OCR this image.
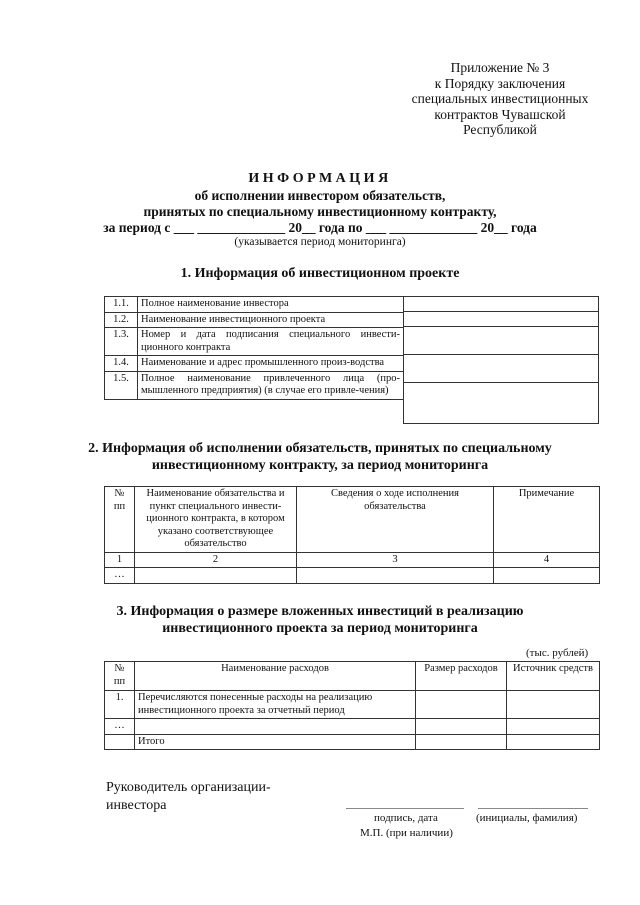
Приложение № 3
к Порядку заключения
специальных инвестиционных
контрактов Чувашской
Республикой
ИНФОРМАЦИЯ
об исполнении инвестором обязательств,
принятых по специальному инвестиционному контракту,
за период с ___ _____________ 20__ года по ___ _____________ 20__ года
(указывается период мониторинга)
1. Информация об инвестиционном проекте
1.1.	Полное наименование инвестора
1.2.	Наименование инвестиционного проекта
1.3.	Номер и дата подписания специального инвести-ционного контракта
1.4.	Наименование и адрес промышленного произ-водства
1.5.	Полное наименование привлеченного лица (про-мышленного предприятия) (в случае его привле-чения)

2. Информация об исполнении обязательств, принятых по специальному
инвестиционному контракту, за период мониторинга
№ пп	Наименование обязательства и пункт специального инвести-ционного контракта, в котором указано соответствующее обязательство	Сведения о ходе исполнения обязательства	Примечание
1	2	3	4
…			
3. Информация о размере вложенных инвестиций в реализацию
инвестиционного проекта за период мониторинга
(тыс. рублей)
№ пп	Наименование расходов	Размер расходов	Источник средств
1.	Перечисляются понесенные расходы на реализацию инвестиционного проекта за отчетный период		
…			
	Итого		
Руководитель организации-
инвестора
подпись, дата	(инициалы, фамилия)
М.П. (при наличии)
